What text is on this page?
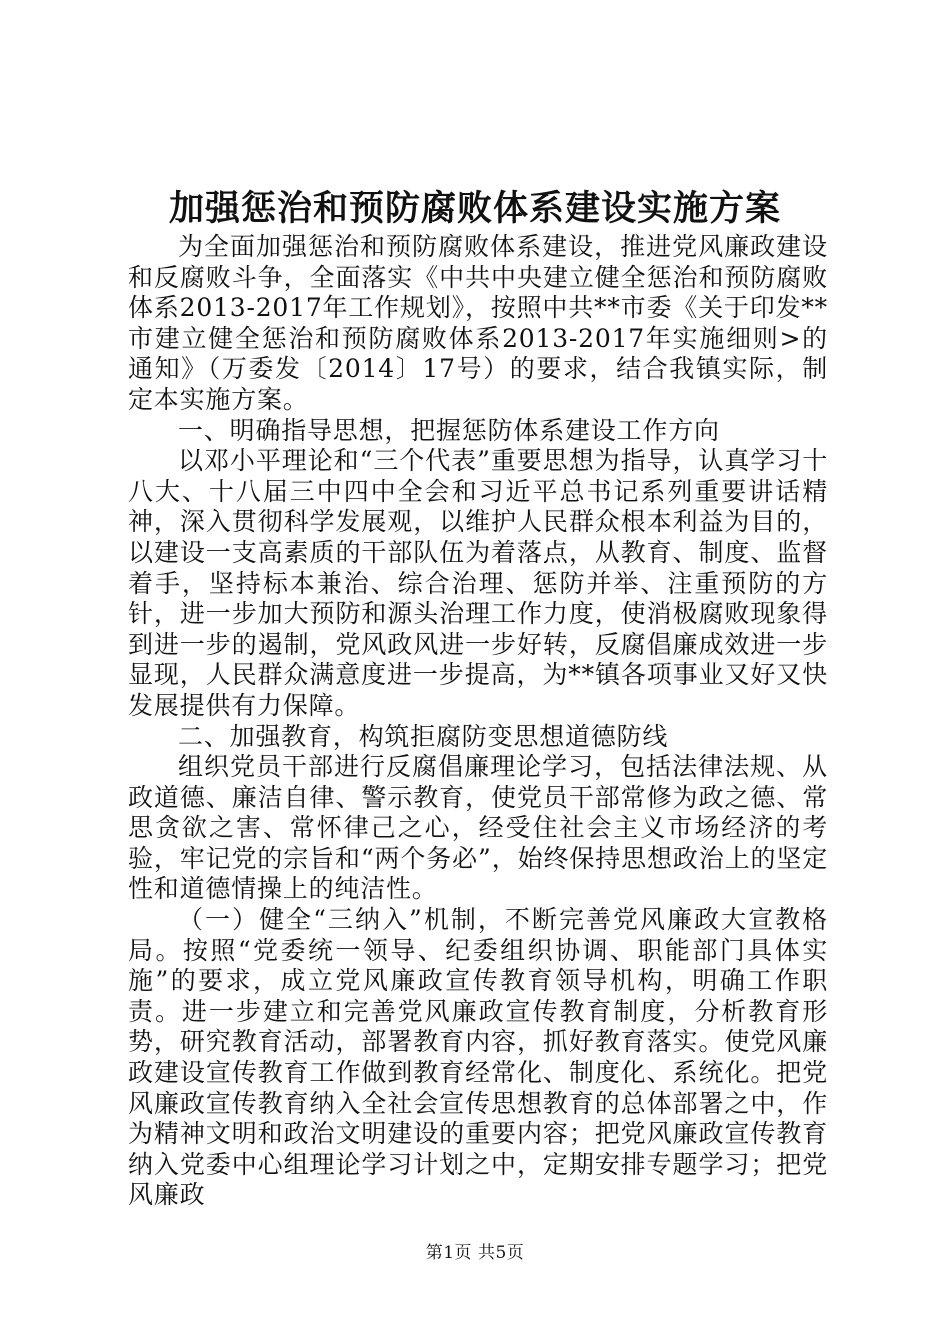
加强惩治和预防腐败体系建设实施方案

为全面加强惩治和预防腐败体系建设，推进党风廉政建设和反腐败斗争，全面落实《中共中央建立健全惩治和预防腐败体系2013-2017年工作规划》，按照中共**市委《关于印发**市建立健全惩治和预防腐败体系2013-2017年实施细则>的通知》（万委发〔2014〕17号）的要求，结合我镇实际，制定本实施方案。

一、明确指导思想，把握惩防体系建设工作方向

以邓小平理论和“三个代表”重要思想为指导，认真学习十八大、十八届三中四中全会和习近平总书记系列重要讲话精神，深入贯彻科学发展观，以维护人民群众根本利益为目的，以建设一支高素质的干部队伍为着落点，从教育、制度、监督着手，坚持标本兼治、综合治理、惩防并举、注重预防的方针，进一步加大预防和源头治理工作力度，使消极腐败现象得到进一步的遏制，党风政风进一步好转，反腐倡廉成效进一步显现，人民群众满意度进一步提高，为**镇各项事业又好又快发展提供有力保障。

二、加强教育，构筑拒腐防变思想道德防线

组织党员干部进行反腐倡廉理论学习，包括法律法规、从政道德、廉洁自律、警示教育，使党员干部常修为政之德、常思贪欲之害、常怀律己之心，经受住社会主义市场经济的考验，牢记党的宗旨和“两个务必”，始终保持思想政治上的坚定性和道德情操上的纯洁性。

（一）健全“三纳入”机制，不断完善党风廉政大宣教格局。按照“党委统一领导、纪委组织协调、职能部门具体实施”的要求，成立党风廉政宣传教育领导机构，明确工作职责。进一步建立和完善党风廉政宣传教育制度，分析教育形势，研究教育活动，部署教育内容，抓好教育落实。使党风廉政建设宣传教育工作做到教育经常化、制度化、系统化。把党风廉政宣传教育纳入全社会宣传思想教育的总体部署之中，作为精神文明和政治文明建设的重要内容；把党风廉政宣传教育纳入党委中心组理论学习计划之中，定期安排专题学习；把党风廉政

第1页 共5页
